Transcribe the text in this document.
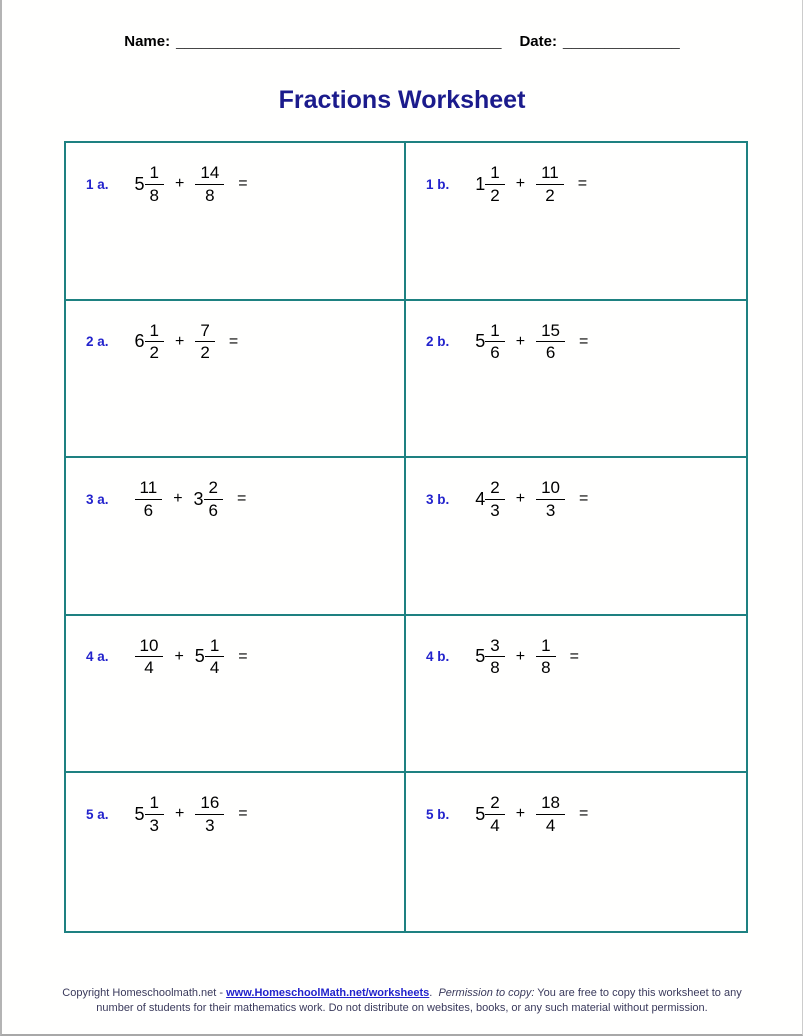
Name: _______________________________________ Date: ______________
Fractions Worksheet
1 a. $5 \frac{1}{8} + \frac{14}{8}$ =	1 b. $1 \frac{1}{2} + \frac{11}{2}$ =
2 a. $6 \frac{1}{2} + \frac{7}{2}$ =	2 b. $5 \frac{1}{6} + \frac{15}{6}$ =
3 a. $\frac{11}{6} + 3 \frac{2}{6}$ =	3 b. $4 \frac{2}{3} + \frac{10}{3}$ =
4 a. $\frac{10}{4} + 5 \frac{1}{4}$ =	4 b. $5 \frac{3}{8} + \frac{1}{8}$ =
5 a. $5 \frac{1}{3} + \frac{16}{3}$ =	5 b. $5 \frac{2}{4} + \frac{18}{4}$ =
Copyright Homeschoolmath.net - www.HomeschoolMath.net/worksheets.  Permission to copy: You are free to copy this worksheet to any
number of students for their mathematics work. Do not distribute on websites, books, or any such material without permission.
